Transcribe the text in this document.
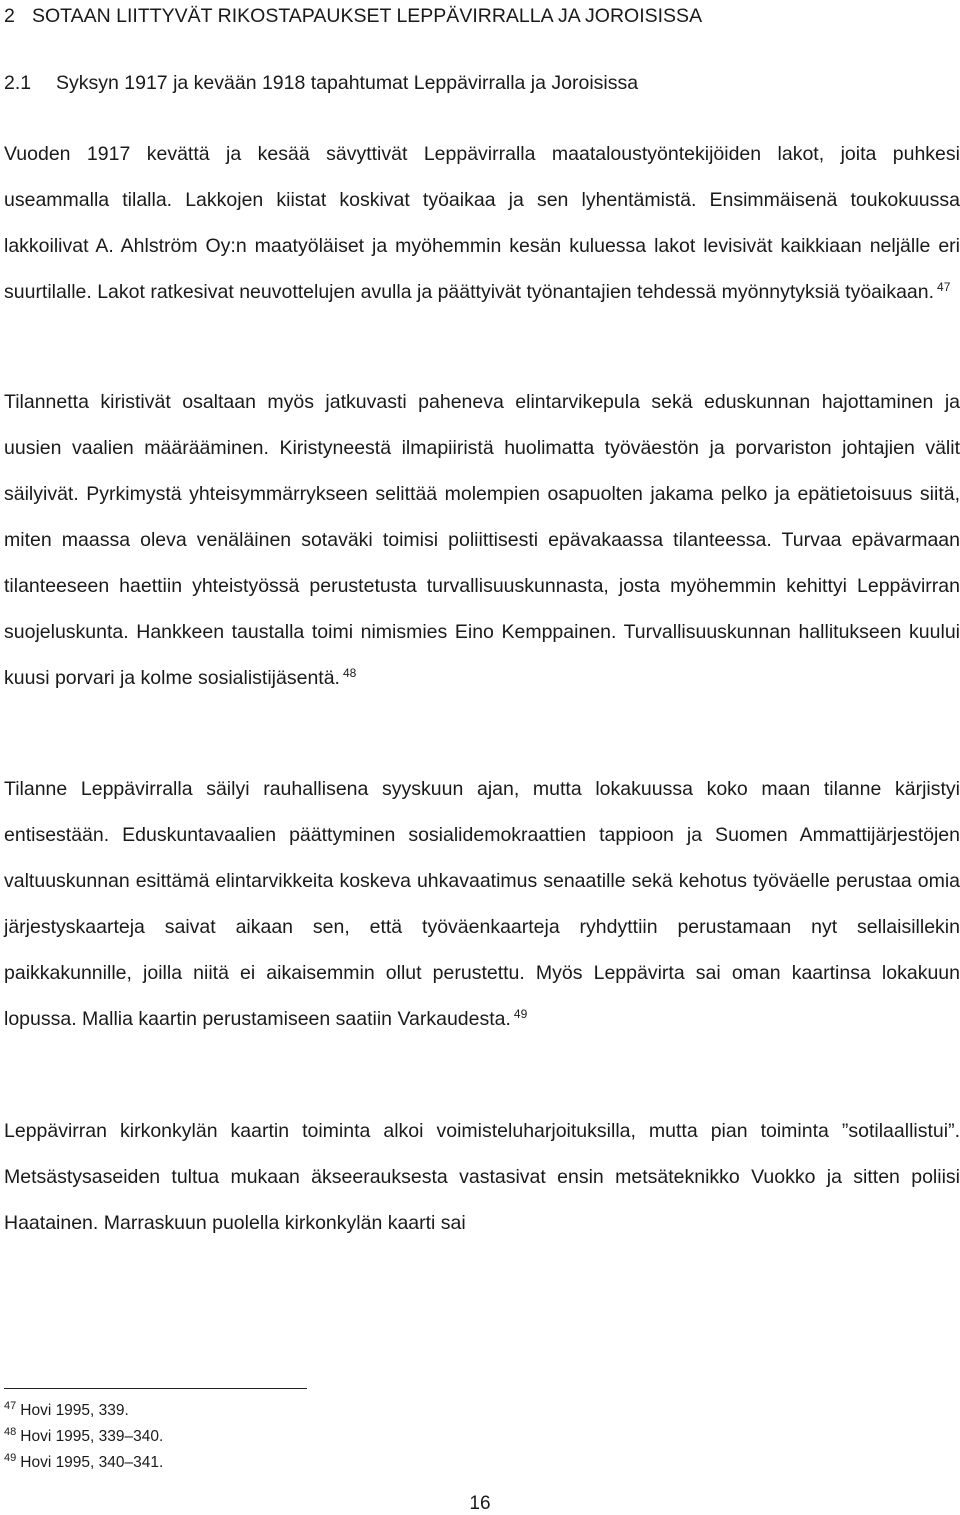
2 SOTAAN LIITTYVÄT RIKOSTAPAUKSET LEPPÄVIRRALLA JA JOROISISSA
2.1 Syksyn 1917 ja kevään 1918 tapahtumat Leppävirralla ja Joroisissa

Vuoden 1917 kevättä ja kesää sävyttivät Leppävirralla maataloustyöntekijöiden lakot, joita puhkesi useammalla tilalla. Lakkojen kiistat koskivat työaikaa ja sen lyhentämistä. Ensimmäisenä toukokuussa lakkoilivat A. Ahlström Oy:n maatyöläiset ja myöhemmin kesän kuluessa lakot levisivät kaikkiaan neljälle eri suurtilalle. Lakot ratkesivat neuvottelujen avulla ja päättyivät työnantajien tehdessä myönnytyksiä työaikaan. $^{47}$

Tilannetta kiristivät osaltaan myös jatkuvasti paheneva elintarvikepula sekä eduskunnan hajottaminen ja uusien vaalien määrääminen. Kiristyneestä ilmapiiristä huolimatta työväestön ja porvariston johtajien välit säilyivät. Pyrkimystä yhteisymmärrykseen selittää molempien osapuolten jakama pelko ja epätietoisuus siitä, miten maassa oleva venäläinen sotaväki toimisi poliittisesti epävakaassa tilanteessa. Turvaa epävarmaan tilanteeseen haettiin yhteistyössä perustetusta turvallisuuskunnasta, josta myöhemmin kehittyi Leppävirran suojeluskunta. Hankkeen taustalla toimi nimismies Eino Kemppainen. Turvallisuuskunnan hallitukseen kuului kuusi porvari ja kolme sosialistijäsentä. $^{48}$

Tilanne Leppävirralla säilyi rauhallisena syyskuun ajan, mutta lokakuussa koko maan tilanne kärjistyi entisestään. Eduskuntavaalien päättyminen sosialidemokraattien tappioon ja Suomen Ammattijärjestöjen valtuuskunnan esittämä elintarvikkeita koskeva uhkavaatimus senaatille sekä kehotus työväelle perustaa omia järjestyskaarteja saivat aikaan sen, että työväenkaarteja ryhdyttiin perustamaan nyt sellaisillekin paikkakunnille, joilla niitä ei aikaisemmin ollut perustettu. Myös Leppävirta sai oman kaartinsa lokakuun lopussa. Mallia kaartin perustamiseen saatiin Varkaudesta. $^{49}$

Leppävirran kirkonkylän kaartin toiminta alkoi voimisteluharjoituksilla, mutta pian toiminta ”sotilaallistui”. Metsästysaseiden tultua mukaan äkseerauksesta vastasivat ensin metsäteknikko Vuokko ja sitten poliisi Haatainen. Marraskuun puolella kirkonkylän kaarti sai

$^{47}$ Hovi 1995, 339.
$^{48}$ Hovi 1995, 339–340.
$^{49}$ Hovi 1995, 340–341.
16
